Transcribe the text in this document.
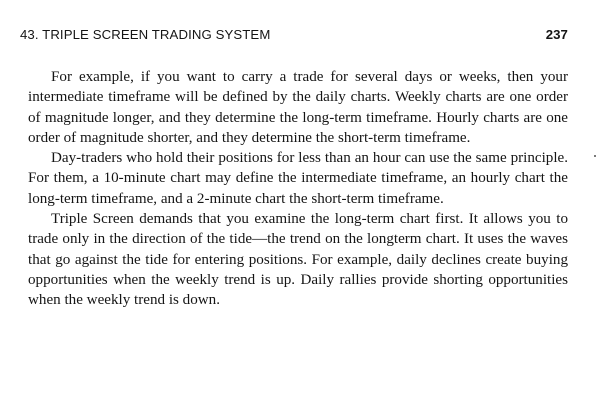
43. TRIPLE SCREEN TRADING SYSTEM	237

For example, if you want to carry a trade for several days or weeks, then your intermediate timeframe will be defined by the daily charts. Weekly charts are one order of magnitude longer, and they determine the long-term timeframe. Hourly charts are one order of magnitude shorter, and they determine the short-term timeframe.

Day-traders who hold their positions for less than an hour can use the same principle. For them, a 10-minute chart may define the intermediate timeframe, an hourly chart the long-term timeframe, and a 2-minute chart the short-term timeframe.

Triple Screen demands that you examine the long-term chart first. It allows you to trade only in the direction of the tide—the trend on the longterm chart. It uses the waves that go against the tide for entering positions. For example, daily declines create buying opportunities when the weekly trend is up. Daily rallies provide shorting opportunities when the weekly trend is down.
